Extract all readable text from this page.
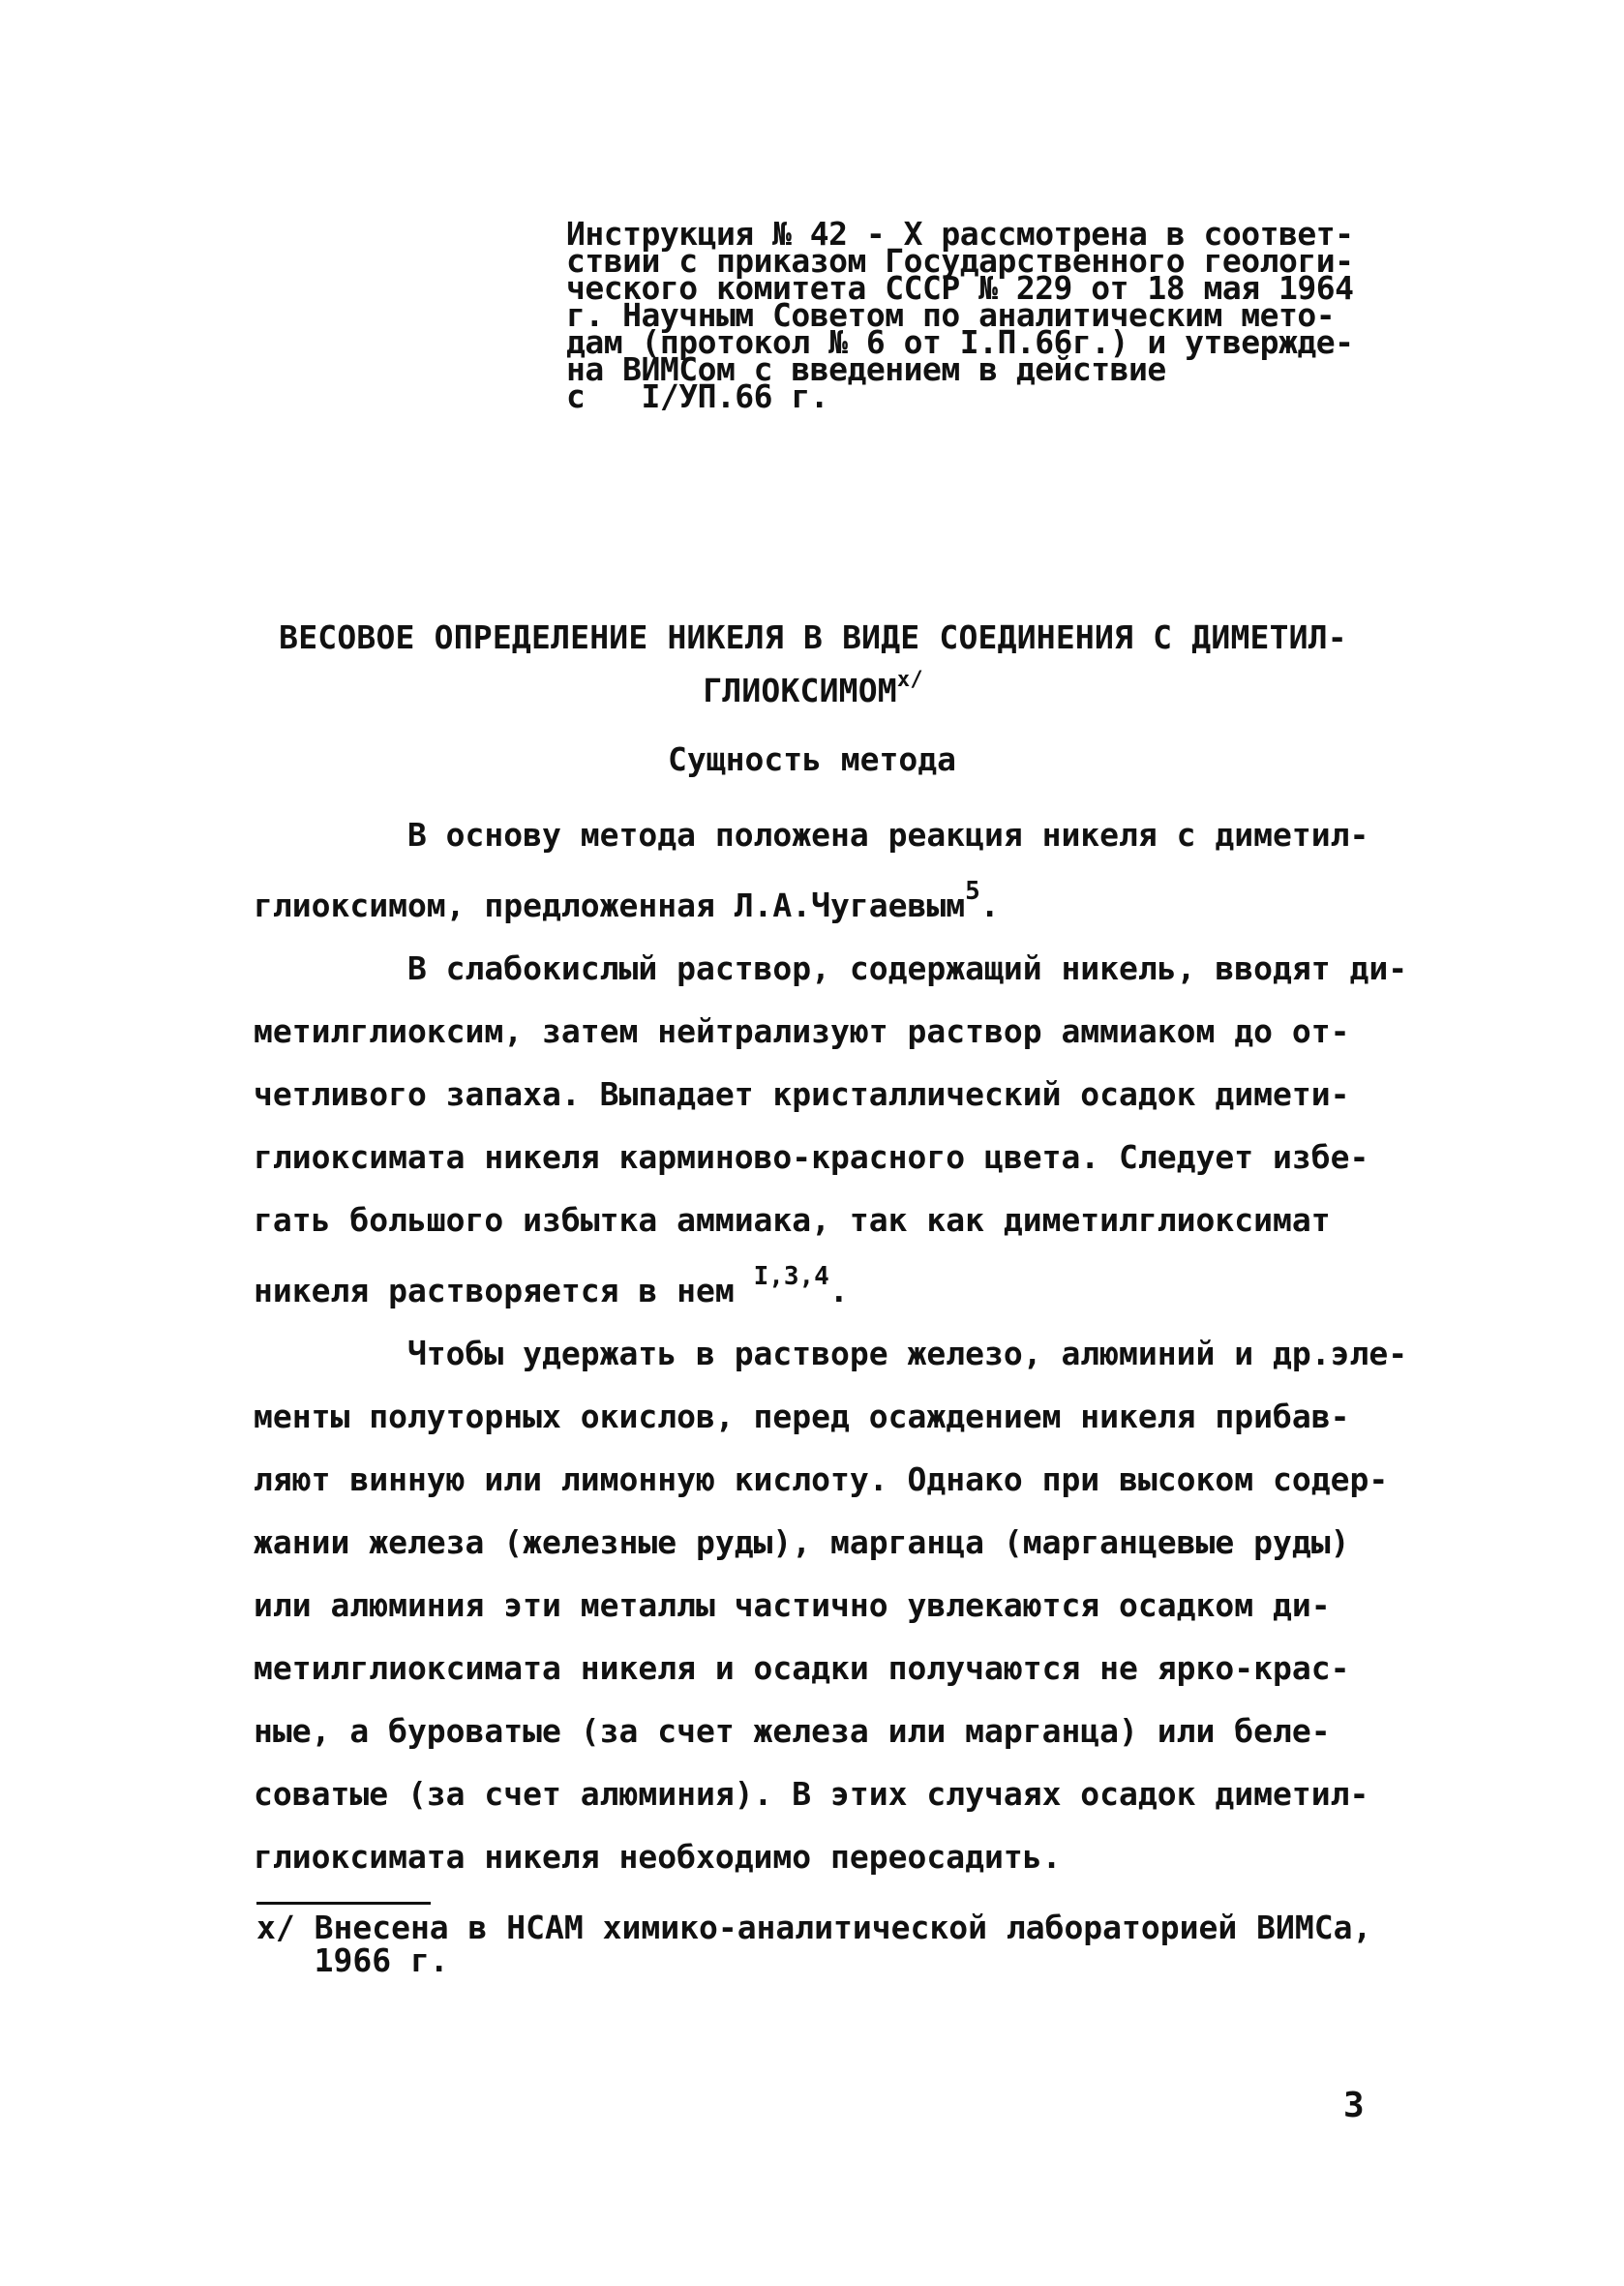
Инструкция № 42 - Х рассмотрена в соответ-
ствии с приказом Государственного геологи-
ческого комитета СССР № 229 от 18 мая 1964
г. Научным Советом по аналитическим мето-
дам (протокол № 6 от I.П.66г.) и утвержде-
на ВИМСом с введением в действие
с   I/УП.66 г.
ВЕСОВОЕ ОПРЕДЕЛЕНИЕ НИКЕЛЯ В ВИДЕ СОЕДИНЕНИЯ С ДИМЕТИЛ-
$ГЛИОКСИМОМ^{х/}$
Сущность метода
В основу метода положена реакция никеля с диметил-
глиоксимом, предложенная Л.А.Чугаевым$^5$.
В слабокислый раствор, содержащий никель, вводят ди-
метилглиоксим, затем нейтрализуют раствор аммиаком до от-
четливого запаха. Выпадает кристаллический осадок димети-
глиоксимата никеля карминово-красного цвета. Следует избе-
гать большого избытка аммиака, так как диметилглиоксимат
никеля растворяется в нем $^{I,3,4}$.
Чтобы удержать в растворе железо, алюминий и др.эле-
менты полуторных окислов, перед осаждением никеля прибав-
ляют винную или лимонную кислоту. Однако при высоком содер-
жании железа (железные руды), марганца (марганцевые руды)
или алюминия эти металлы частично увлекаются осадком ди-
метилглиоксимата никеля и осадки получаются не ярко-крас-
ные, а буроватые (за счет железа или марганца) или беле-
соватые (за счет алюминия). В этих случаях осадок диметил-
глиоксимата никеля необходимо переосадить.
х/ Внесена в НСАМ химико-аналитической лабораторией ВИМСа,
1966 г.
3
